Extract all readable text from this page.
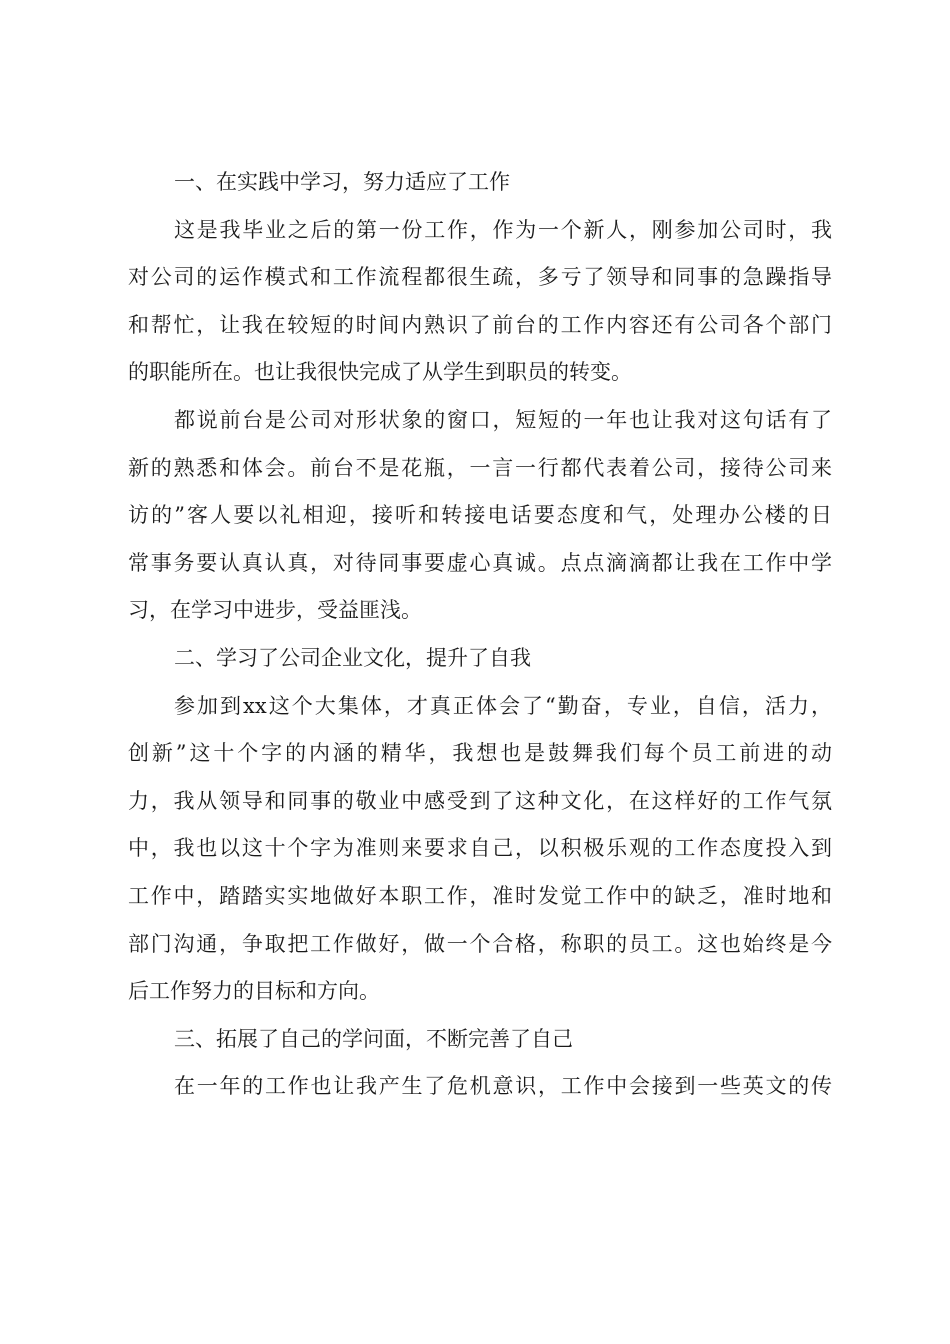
一、在实践中学习，努力适应了工作
这是我毕业之后的第一份工作，作为一个新人，刚参加公司时，我
对公司的运作模式和工作流程都很生疏，多亏了领导和同事的急躁指导
和帮忙，让我在较短的时间内熟识了前台的工作内容还有公司各个部门
的职能所在。也让我很快完成了从学生到职员的转变。
都说前台是公司对形状象的窗口，短短的一年也让我对这句话有了
新的熟悉和体会。前台不是花瓶，一言一行都代表着公司，接待公司来
访的”客人要以礼相迎，接听和转接电话要态度和气，处理办公楼的日
常事务要认真认真，对待同事要虚心真诚。点点滴滴都让我在工作中学
习，在学习中进步，受益匪浅。
二、学习了公司企业文化，提升了自我
参加到xx这个大集体，才真正体会了“勤奋，专业，自信，活力，
创新”这十个字的内涵的精华，我想也是鼓舞我们每个员工前进的动
力，我从领导和同事的敬业中感受到了这种文化，在这样好的工作气氛
中，我也以这十个字为准则来要求自己，以积极乐观的工作态度投入到
工作中，踏踏实实地做好本职工作，准时发觉工作中的缺乏，准时地和
部门沟通，争取把工作做好，做一个合格，称职的员工。这也始终是今
后工作努力的目标和方向。
三、拓展了自己的学问面，不断完善了自己
在一年的工作也让我产生了危机意识，工作中会接到一些英文的传
